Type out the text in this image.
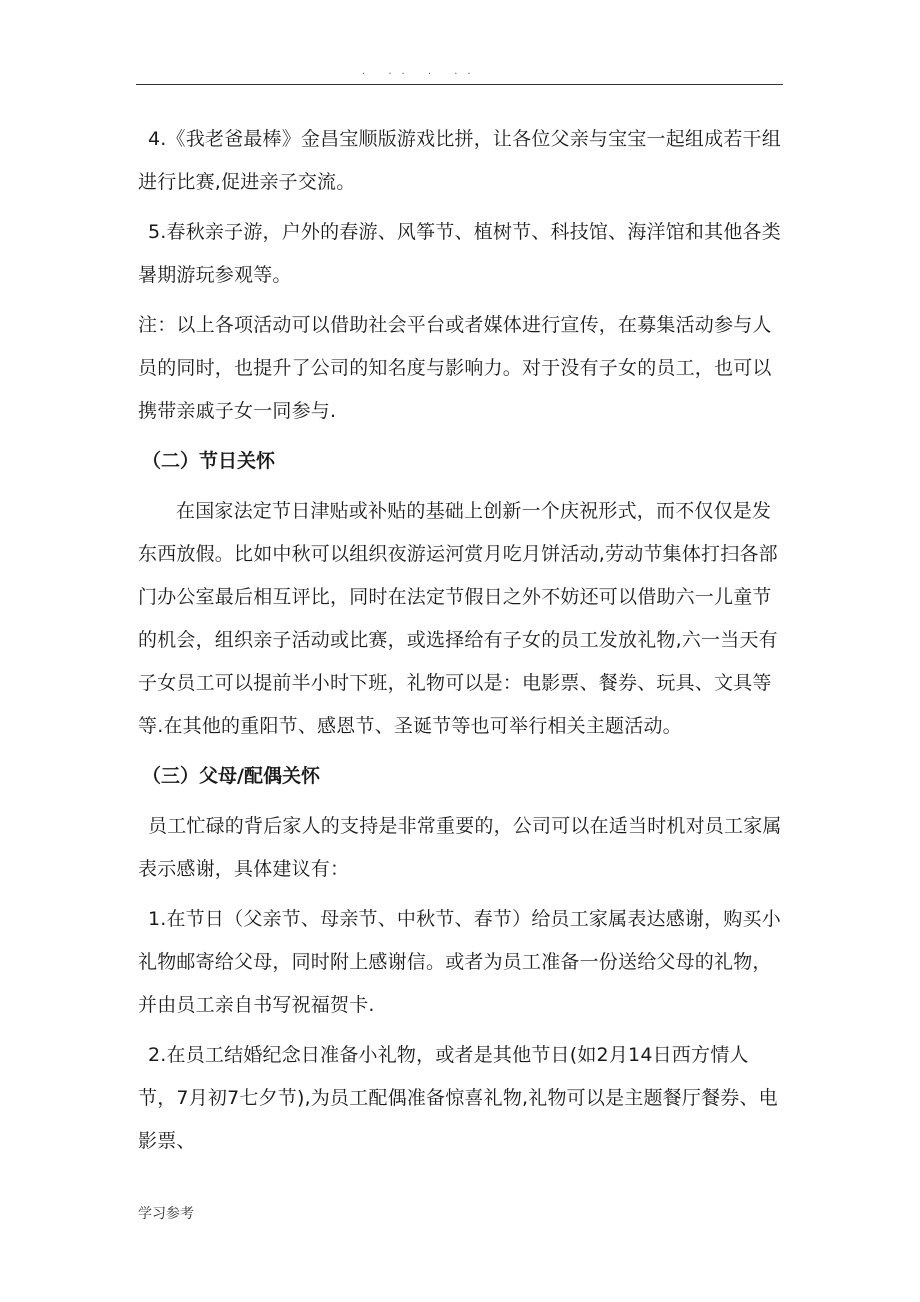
. .. . ..

4.《我老爸最棒》金昌宝顺版游戏比拼，让各位父亲与宝宝一起组成若干组进行比赛,促进亲子交流。

5.春秋亲子游，户外的春游、风筝节、植树节、科技馆、海洋馆和其他各类暑期游玩参观等。

注：以上各项活动可以借助社会平台或者媒体进行宣传，在募集活动参与人员的同时，也提升了公司的知名度与影响力。对于没有子女的员工，也可以携带亲戚子女一同参与.

（二）节日关怀

在国家法定节日津贴或补贴的基础上创新一个庆祝形式，而不仅仅是发东西放假。比如中秋可以组织夜游运河赏月吃月饼活动,劳动节集体打扫各部门办公室最后相互评比，同时在法定节假日之外不妨还可以借助六一儿童节的机会，组织亲子活动或比赛，或选择给有子女的员工发放礼物,六一当天有子女员工可以提前半小时下班，礼物可以是：电影票、餐券、玩具、文具等等.在其他的重阳节、感恩节、圣诞节等也可举行相关主题活动。

（三）父母/配偶关怀

员工忙碌的背后家人的支持是非常重要的，公司可以在适当时机对员工家属表示感谢，具体建议有：

1.在节日（父亲节、母亲节、中秋节、春节）给员工家属表达感谢，购买小礼物邮寄给父母，同时附上感谢信。或者为员工准备一份送给父母的礼物，并由员工亲自书写祝福贺卡.

2.在员工结婚纪念日准备小礼物，或者是其他节日(如2月14日西方情人节，7月初7七夕节),为员工配偶准备惊喜礼物,礼物可以是主题餐厅餐券、电影票、

学习参考
